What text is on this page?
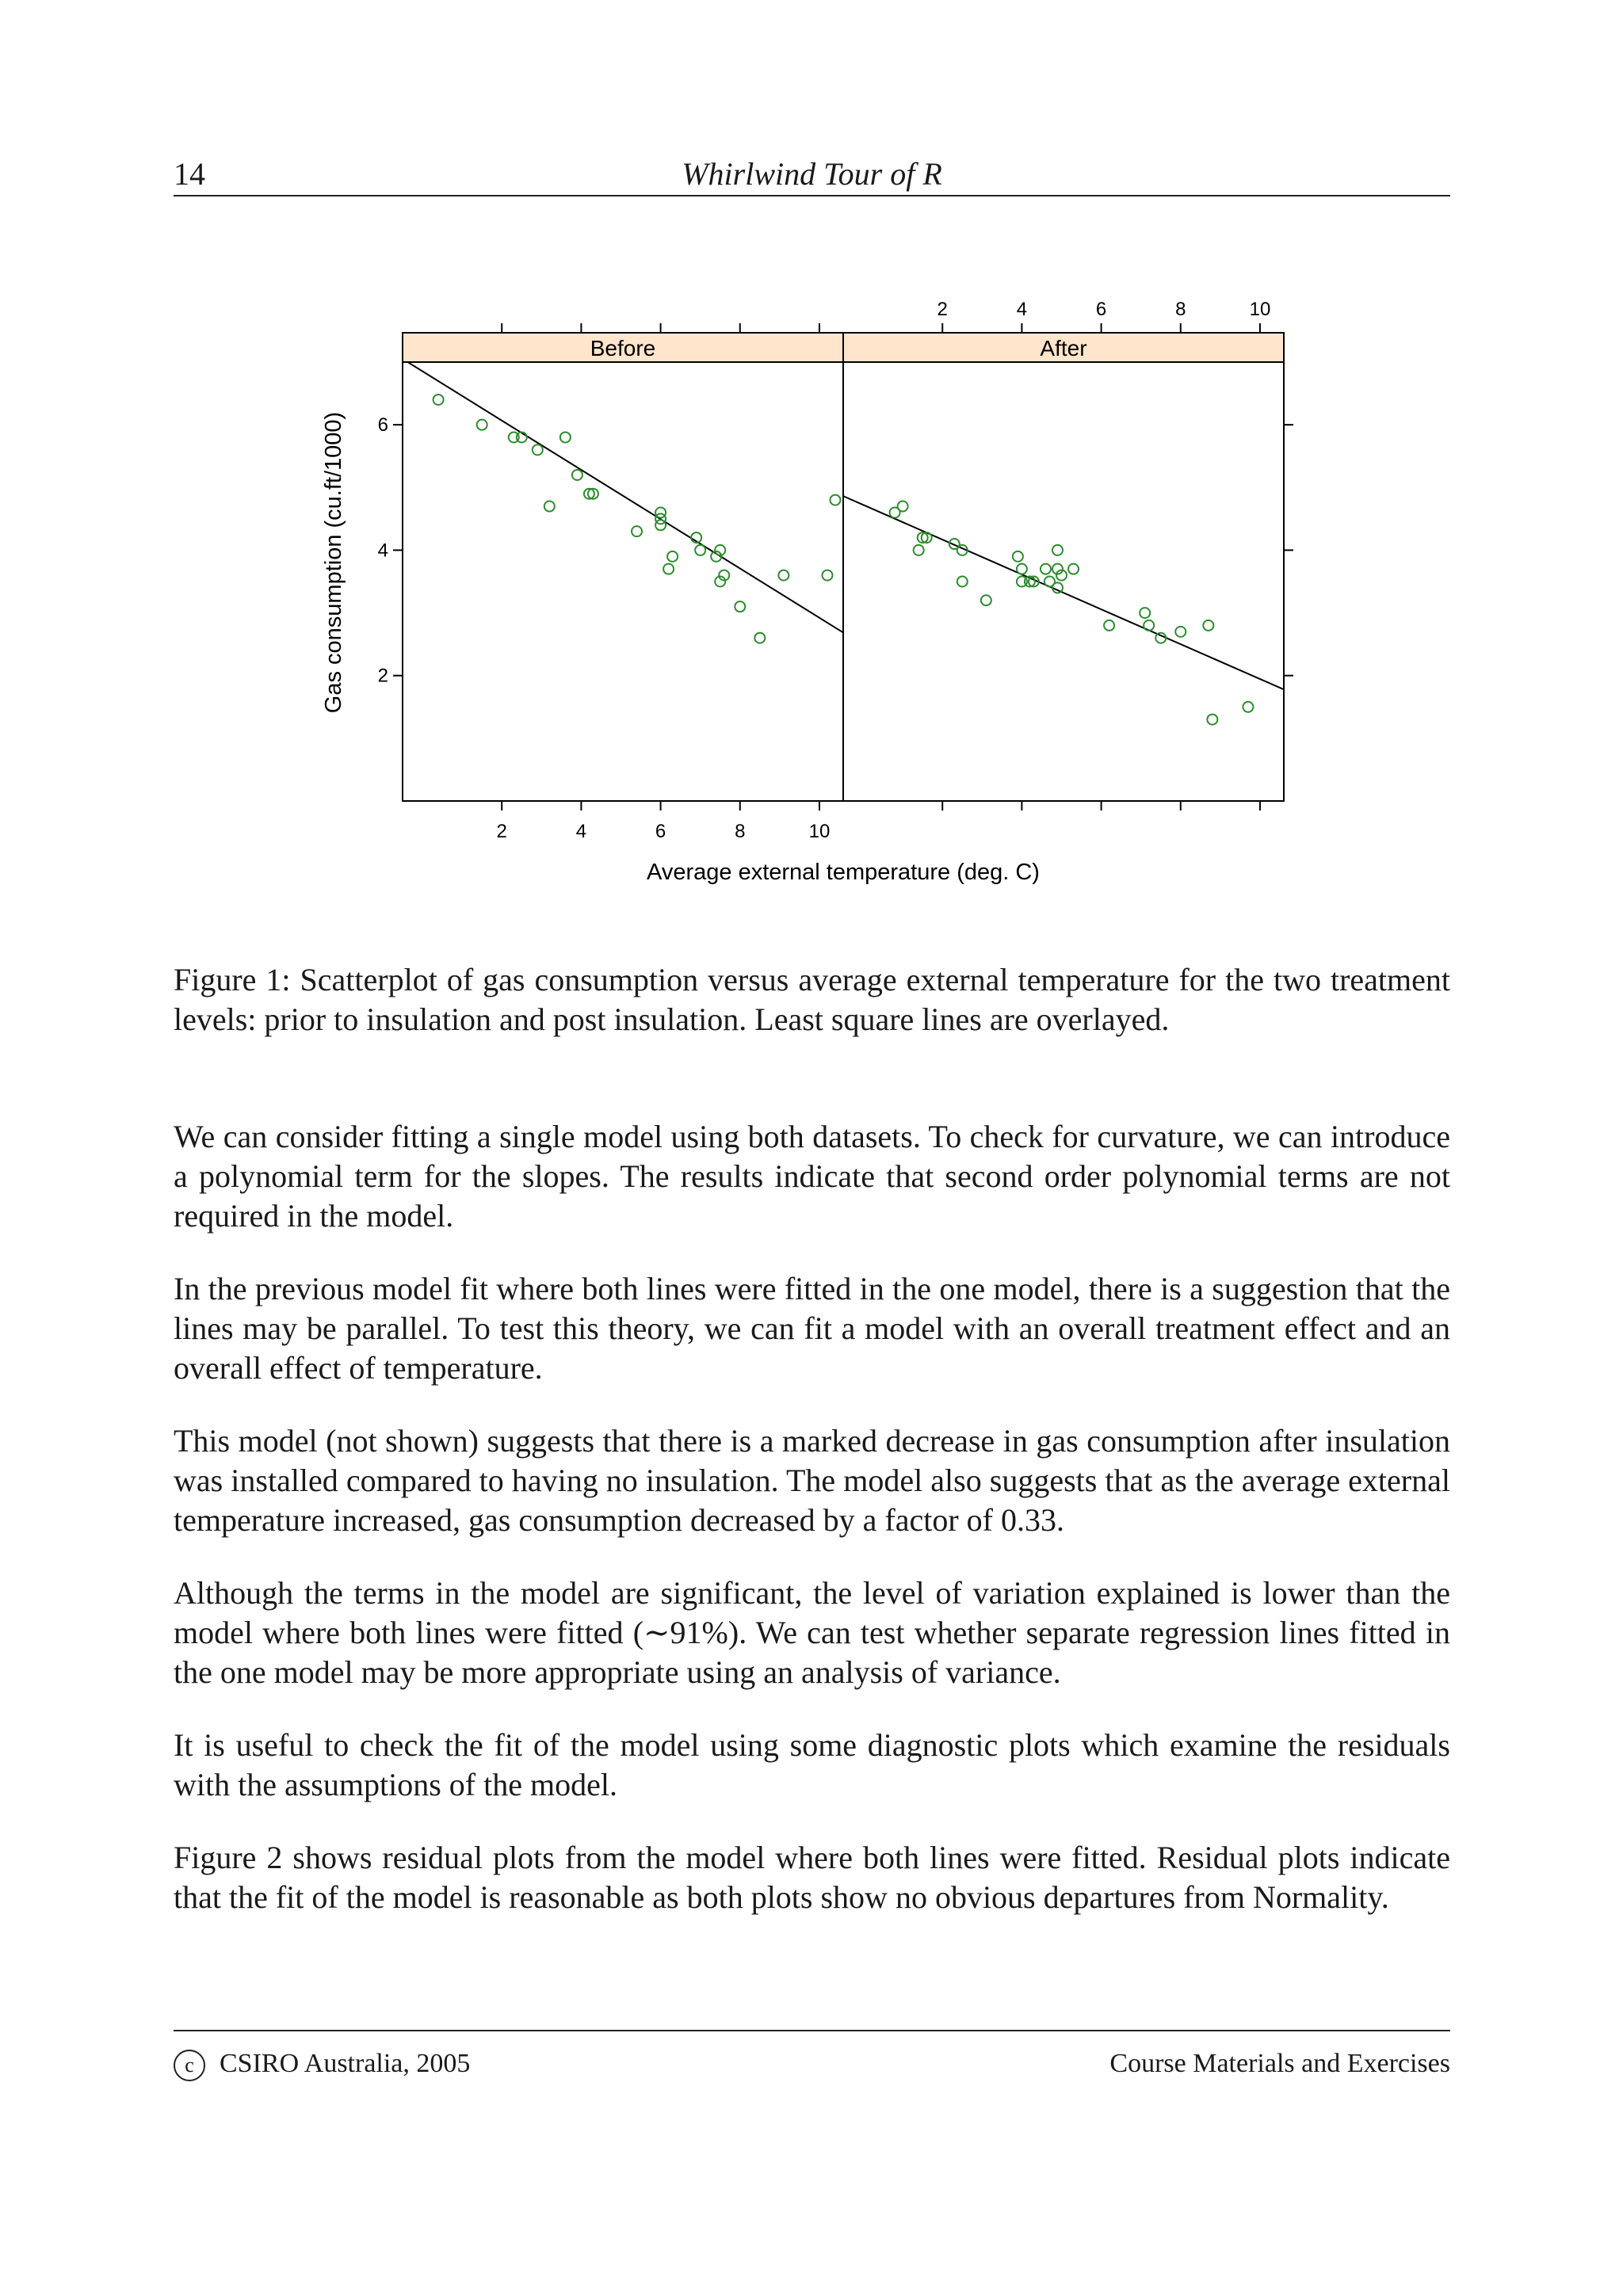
14	Whirlwind Tour of R
Before	After
2
2
4
4
6
6
8
8
10
10
2
4
6
Average external temperature (deg. C)
Gas consumption (cu.ft/1000)
Figure 1: Scatterplot of gas consumption versus average external temperature for the two treatment levels: prior to insulation and post insulation. Least square lines are overlayed.

We can consider fitting a single model using both datasets. To check for curvature, we can introduce a polynomial term for the slopes. The results indicate that second order polynomial terms are not required in the model.

In the previous model fit where both lines were fitted in the one model, there is a suggestion that the lines may be parallel. To test this theory, we can fit a model with an overall treatment effect and an overall effect of temperature.

This model (not shown) suggests that there is a marked decrease in gas consumption after insulation was installed compared to having no insulation. The model also suggests that as the average external temperature increased, gas consumption decreased by a factor of 0.33.

Although the terms in the model are significant, the level of variation explained is lower than the model where both lines were fitted (∼91%). We can test whether separate regression lines fitted in the one model may be more appropriate using an analysis of variance.

It is useful to check the fit of the model using some diagnostic plots which examine the residuals with the assumptions of the model.

Figure 2 shows residual plots from the model where both lines were fitted. Residual plots indicate that the fit of the model is reasonable as both plots show no obvious departures from Normality.

c CSIRO Australia, 2005	Course Materials and Exercises
